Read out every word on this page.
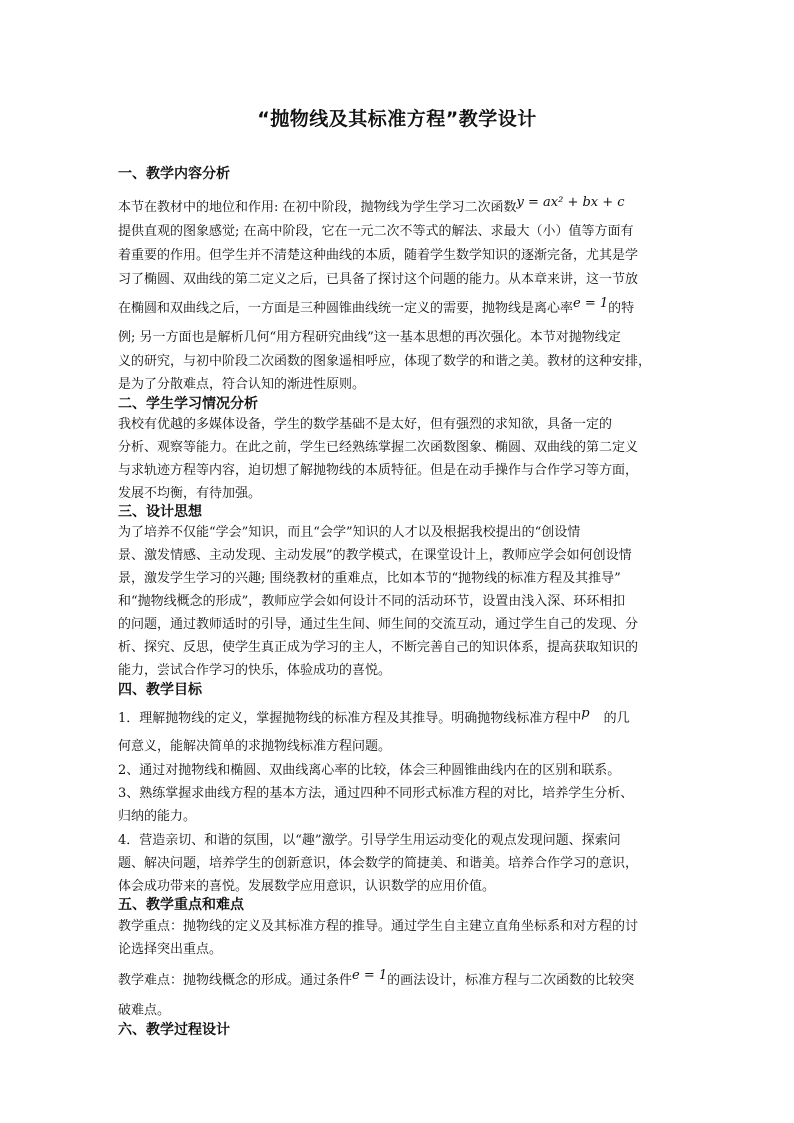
“抛物线及其标准方程”教学设计
一、教学内容分析
本节在教材中的地位和作用: 在初中阶段，抛物线为学生学习二次函数y = ax² + bx + c
提供直观的图象感觉; 在高中阶段，它在一元二次不等式的解法、求最大（小）值等方面有
着重要的作用。但学生并不清楚这种曲线的本质，随着学生数学知识的逐渐完备，尤其是学
习了椭圆、双曲线的第二定义之后，已具备了探讨这个问题的能力。从本章来讲，这一节放
在椭圆和双曲线之后，一方面是三种圆锥曲线统一定义的需要，抛物线是离心率e = 1的特
例; 另一方面也是解析几何“用方程研究曲线”这一基本思想的再次强化。本节对抛物线定
义的研究，与初中阶段二次函数的图象遥相呼应，体现了数学的和谐之美。教材的这种安排，
是为了分散难点，符合认知的渐进性原则。
二、学生学习情况分析
我校有优越的多媒体设备，学生的数学基础不是太好，但有强烈的求知欲，具备一定的
分析、观察等能力。在此之前，学生已经熟练掌握二次函数图象、椭圆、双曲线的第二定义
与求轨迹方程等内容，迫切想了解抛物线的本质特征。但是在动手操作与合作学习等方面，
发展不均衡，有待加强。
三、设计思想
为了培养不仅能“学会”知识，而且“会学”知识的人才以及根据我校提出的“创设情
景、激发情感、主动发现、主动发展”的教学模式，在课堂设计上，教师应学会如何创设情
景，激发学生学习的兴趣; 围绕教材的重难点，比如本节的“抛物线的标准方程及其推导”
和“抛物线概念的形成”，教师应学会如何设计不同的活动环节，设置由浅入深、环环相扣
的问题，通过教师适时的引导，通过生生间、师生间的交流互动，通过学生自己的发现、分
析、探究、反思，使学生真正成为学习的主人，不断完善自己的知识体系，提高获取知识的
能力，尝试合作学习的快乐，体验成功的喜悦。
四、教学目标
1．理解抛物线的定义，掌握抛物线的标准方程及其推导。明确抛物线标准方程中p 的几
何意义，能解决简单的求抛物线标准方程问题。
2、通过对抛物线和椭圆、双曲线离心率的比较，体会三种圆锥曲线内在的区别和联系。
3、熟练掌握求曲线方程的基本方法，通过四种不同形式标准方程的对比，培养学生分析、
归纳的能力。
4．营造亲切、和谐的氛围，以“趣”激学。引导学生用运动变化的观点发现问题、探索问
题、解决问题，培养学生的创新意识，体会数学的简捷美、和谐美。培养合作学习的意识，
体会成功带来的喜悦。发展数学应用意识，认识数学的应用价值。
五、教学重点和难点
教学重点：抛物线的定义及其标准方程的推导。通过学生自主建立直角坐标系和对方程的讨
论选择突出重点。
教学难点：抛物线概念的形成。通过条件e = 1的画法设计，标准方程与二次函数的比较突
破难点。
六、教学过程设计
